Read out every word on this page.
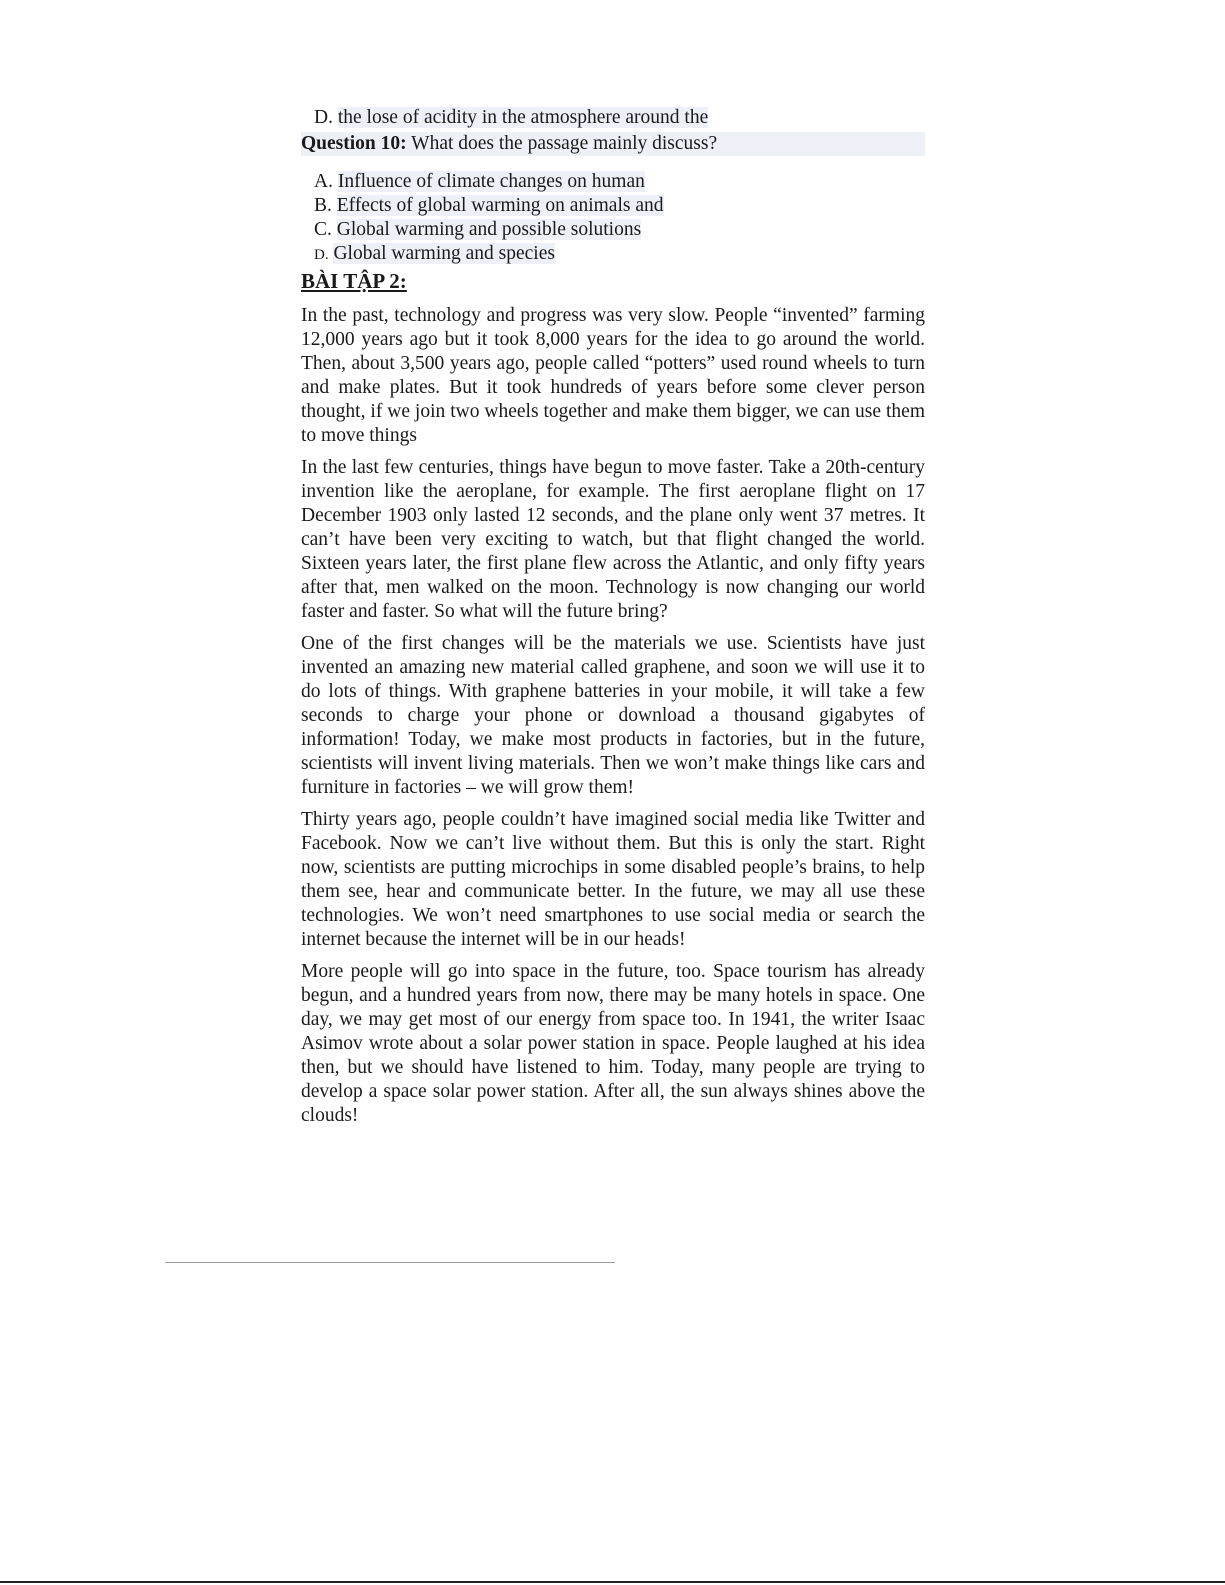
D. the lose of acidity in the atmosphere around the
Question 10: What does the passage mainly discuss?
A. Influence of climate changes on human
B. Effects of global warming on animals and
C. Global warming and possible solutions
D. Global warming and species
BÀI TẬP 2:

In the past, technology and progress was very slow. People “invented” farming 12,000 years ago but it took 8,000 years for the idea to go around the world. Then, about 3,500 years ago, people called “potters” used round wheels to turn and make plates. But it took hundreds of years before some clever person thought, if we join two wheels together and make them bigger, we can use them to move things

In the last few centuries, things have begun to move faster. Take a 20th-century invention like the aeroplane, for example. The first aeroplane flight on 17 December 1903 only lasted 12 seconds, and the plane only went 37 metres. It can’t have been very exciting to watch, but that flight changed the world. Sixteen years later, the first plane flew across the Atlantic, and only fifty years after that, men walked on the moon. Technology is now changing our world faster and faster. So what will the future bring?

One of the first changes will be the materials we use. Scientists have just invented an amazing new material called graphene, and soon we will use it to do lots of things. With graphene batteries in your mobile, it will take a few seconds to charge your phone or download a thousand gigabytes of information! Today, we make most products in factories, but in the future, scientists will invent living materials. Then we won’t make things like cars and furniture in factories – we will grow them!

Thirty years ago, people couldn’t have imagined social media like Twitter and Facebook. Now we can’t live without them. But this is only the start. Right now, scientists are putting microchips in some disabled people’s brains, to help them see, hear and communicate better. In the future, we may all use these technologies. We won’t need smartphones to use social media or search the internet because the internet will be in our heads!

More people will go into space in the future, too. Space tourism has already begun, and a hundred years from now, there may be many hotels in space. One day, we may get most of our energy from space too. In 1941, the writer Isaac Asimov wrote about a solar power station in space. People laughed at his idea then, but we should have listened to him. Today, many people are trying to develop a space solar power station. After all, the sun always shines above the clouds!
